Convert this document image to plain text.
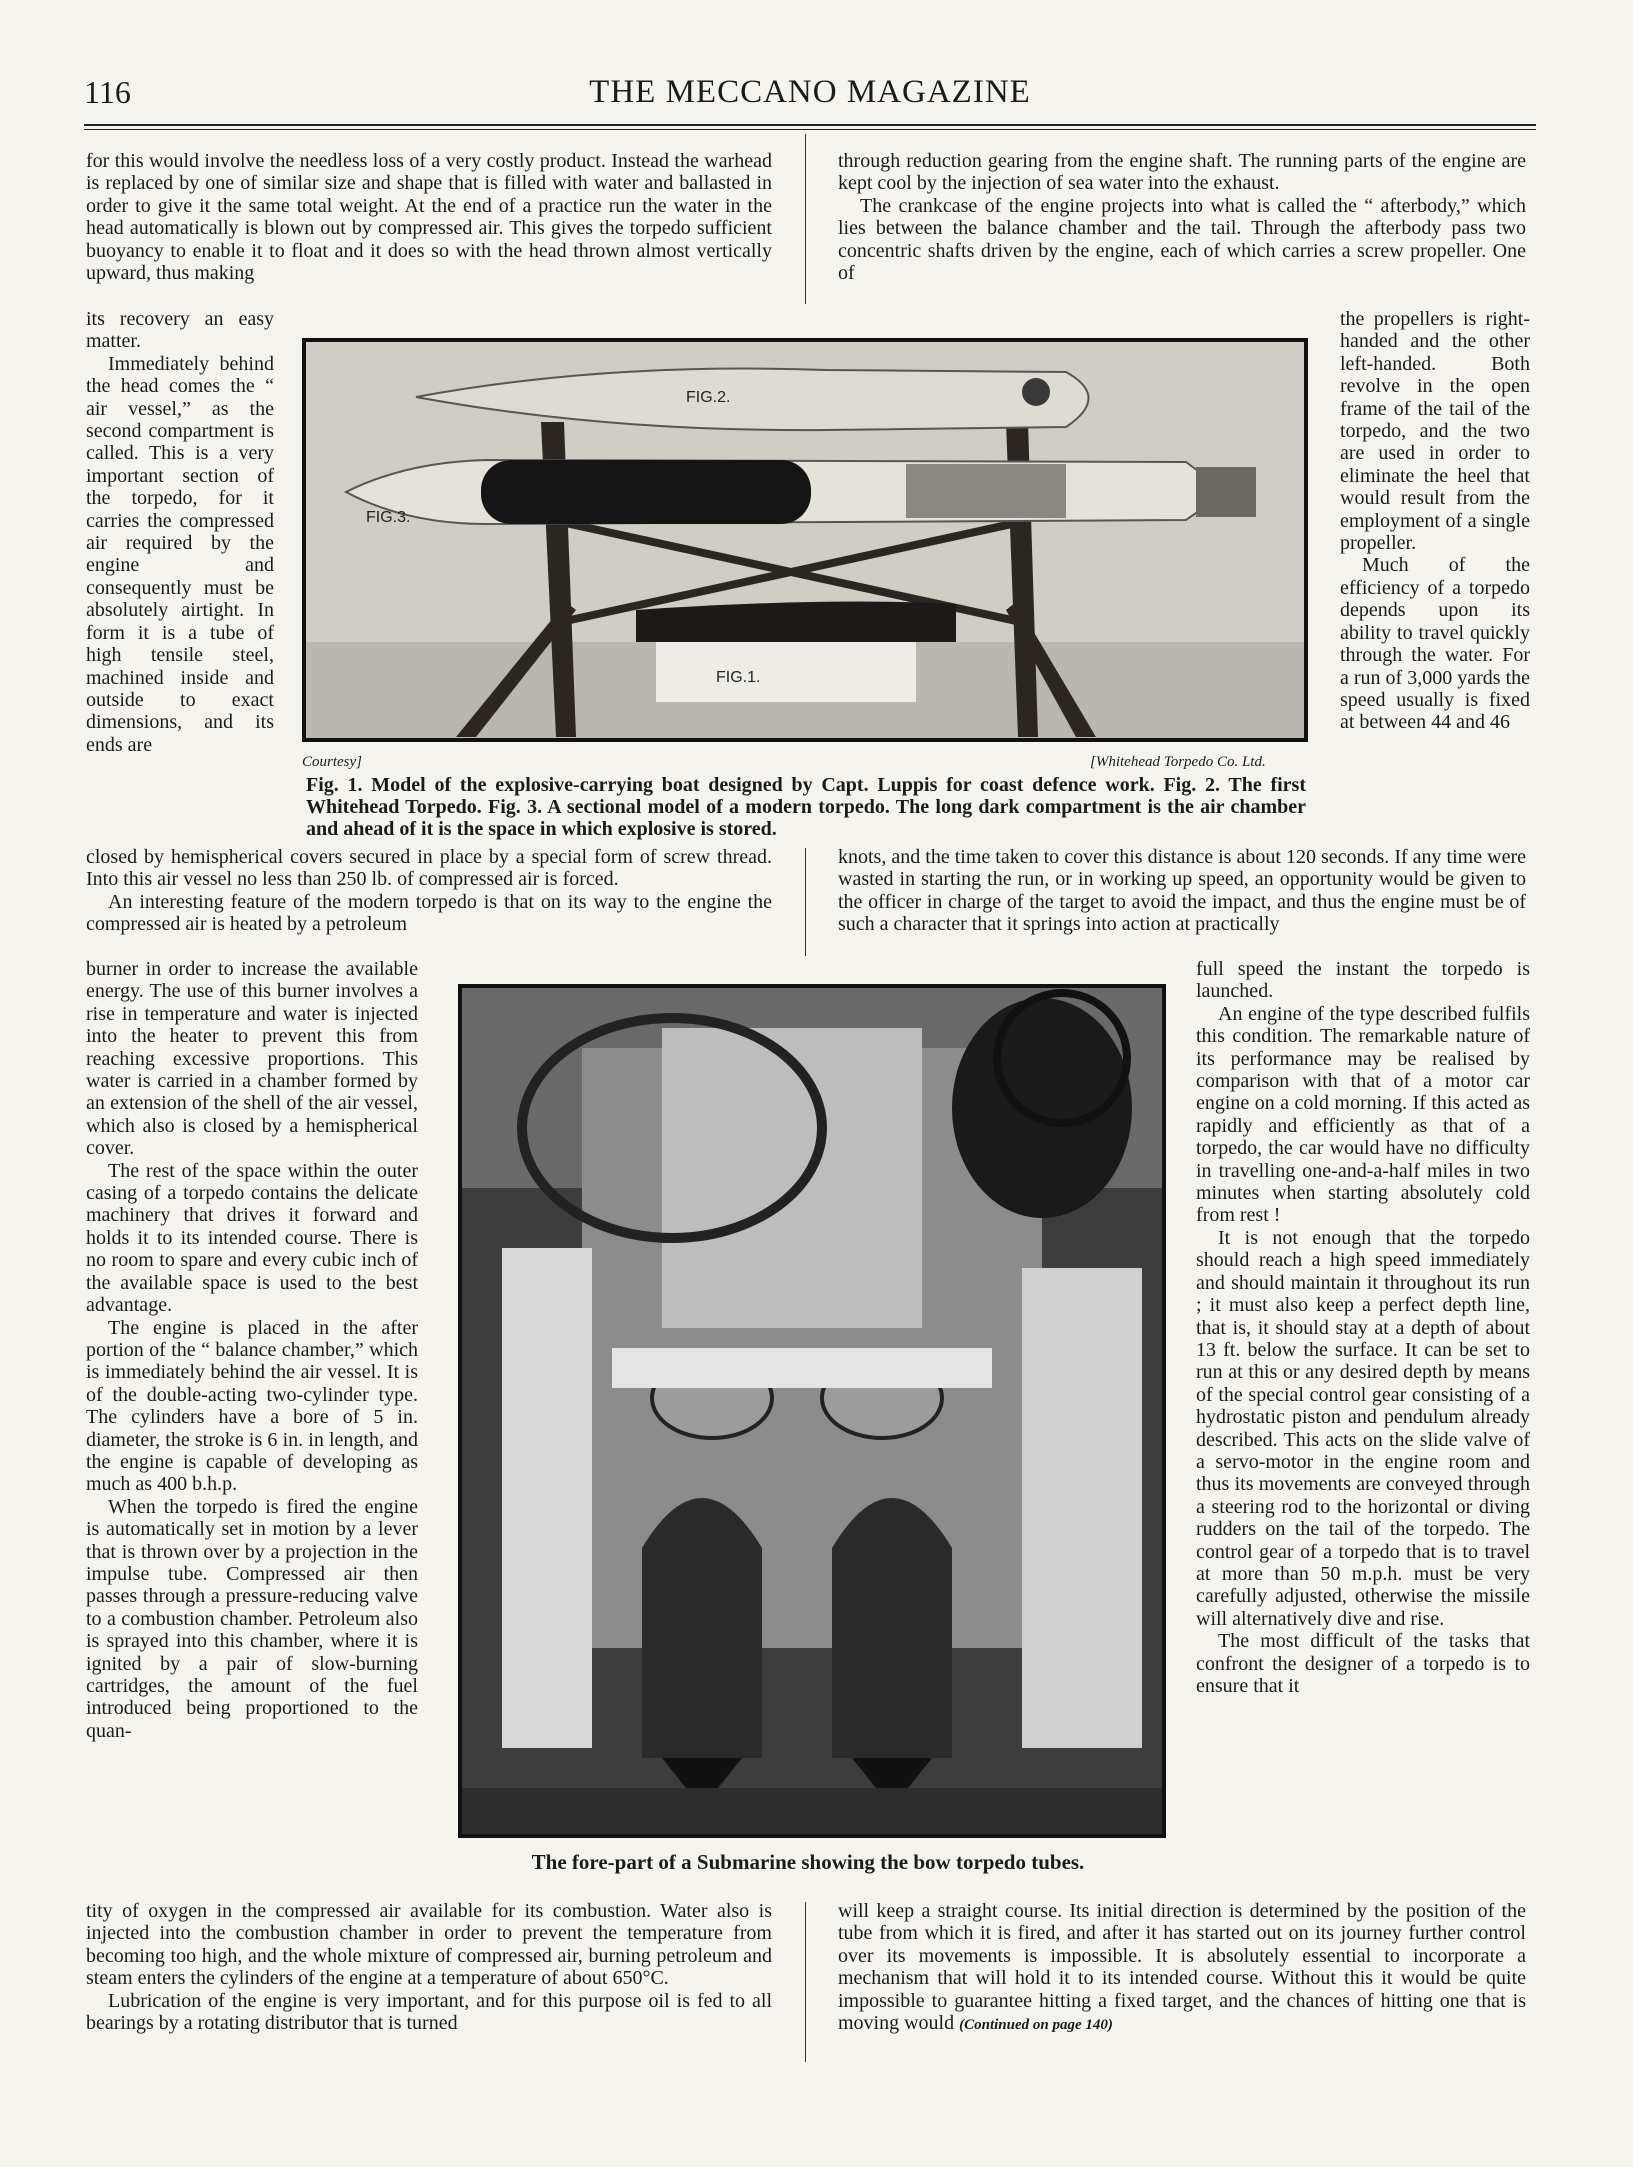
116	THE MECCANO MAGAZINE

for this would involve the needless loss of a very costly product. Instead the warhead is replaced by one of similar size and shape that is filled with water and ballasted in order to give it the same total weight. At the end of a practice run the water in the head automatically is blown out by compressed air. This gives the torpedo sufficient buoyancy to enable it to float and it does so with the head thrown almost vertically upward, thus making

through reduction gearing from the engine shaft. The running parts of the engine are kept cool by the injection of sea water into the exhaust.

The crankcase of the engine projects into what is called the “ afterbody,” which lies between the balance chamber and the tail. Through the afterbody pass two concentric shafts driven by the engine, each of which carries a screw propeller. One of

its recovery an easy matter.

Immediately behind the head comes the “ air vessel,” as the second compartment is called. This is a very important section of the torpedo, for it carries the compressed air required by the engine and consequently must be absolutely airtight. In form it is a tube of high tensile steel, machined inside and outside to exact dimensions, and its ends are

FIG.2.
FIG.3.
FIG.1.

the propellers is right-handed and the other left-handed. Both revolve in the open frame of the tail of the torpedo, and the two are used in order to eliminate the heel that would result from the employment of a single propeller.

Much of the efficiency of a torpedo depends upon its ability to travel quickly through the water. For a run of 3,000 yards the speed usually is fixed at between 44 and 46

Courtesy]	[Whitehead Torpedo Co. Ltd.
Fig. 1. Model of the explosive-carrying boat designed by Capt. Luppis for coast defence work. Fig. 2. The first Whitehead Torpedo. Fig. 3. A sectional model of a modern torpedo. The long dark compartment is the air chamber and ahead of it is the space in which explosive is stored.

closed by hemispherical covers secured in place by a special form of screw thread. Into this air vessel no less than 250 lb. of compressed air is forced.

An interesting feature of the modern torpedo is that on its way to the engine the compressed air is heated by a petroleum

knots, and the time taken to cover this distance is about 120 seconds. If any time were wasted in starting the run, or in working up speed, an opportunity would be given to the officer in charge of the target to avoid the impact, and thus the engine must be of such a character that it springs into action at practically

burner in order to increase the available energy. The use of this burner involves a rise in temperature and water is injected into the heater to prevent this from reaching excessive proportions. This water is carried in a chamber formed by an extension of the shell of the air vessel, which also is closed by a hemispherical cover.

The rest of the space within the outer casing of a torpedo contains the delicate machinery that drives it forward and holds it to its intended course. There is no room to spare and every cubic inch of the available space is used to the best advantage.

The engine is placed in the after portion of the “ balance chamber,” which is immediately behind the air vessel. It is of the double-acting two-cylinder type. The cylinders have a bore of 5 in. diameter, the stroke is 6 in. in length, and the engine is capable of developing as much as 400 b.h.p.

When the torpedo is fired the engine is automatically set in motion by a lever that is thrown over by a projection in the impulse tube. Compressed air then passes through a pressure-reducing valve to a combustion chamber. Petroleum also is sprayed into this chamber, where it is ignited by a pair of slow-burning cartridges, the amount of the fuel introduced being proportioned to the quan-

full speed the instant the torpedo is launched.

An engine of the type described fulfils this condition. The remarkable nature of its performance may be realised by comparison with that of a motor car engine on a cold morning. If this acted as rapidly and efficiently as that of a torpedo, the car would have no difficulty in travelling one-and-a-half miles in two minutes when starting absolutely cold from rest !

It is not enough that the torpedo should reach a high speed immediately and should maintain it throughout its run ; it must also keep a perfect depth line, that is, it should stay at a depth of about 13 ft. below the surface. It can be set to run at this or any desired depth by means of the special control gear consisting of a hydrostatic piston and pendulum already described. This acts on the slide valve of a servo-motor in the engine room and thus its movements are conveyed through a steering rod to the horizontal or diving rudders on the tail of the torpedo. The control gear of a torpedo that is to travel at more than 50 m.p.h. must be very carefully adjusted, otherwise the missile will alternatively dive and rise.

The most difficult of the tasks that confront the designer of a torpedo is to ensure that it

The fore-part of a Submarine showing the bow torpedo tubes.

tity of oxygen in the compressed air available for its combustion. Water also is injected into the combustion chamber in order to prevent the temperature from becoming too high, and the whole mixture of compressed air, burning petroleum and steam enters the cylinders of the engine at a temperature of about 650°C.

Lubrication of the engine is very important, and for this purpose oil is fed to all bearings by a rotating distributor that is turned

will keep a straight course. Its initial direction is determined by the position of the tube from which it is fired, and after it has started out on its journey further control over its movements is impossible. It is absolutely essential to incorporate a mechanism that will hold it to its intended course. Without this it would be quite impossible to guarantee hitting a fixed target, and the chances of hitting one that is moving would (Continued on page 140)
